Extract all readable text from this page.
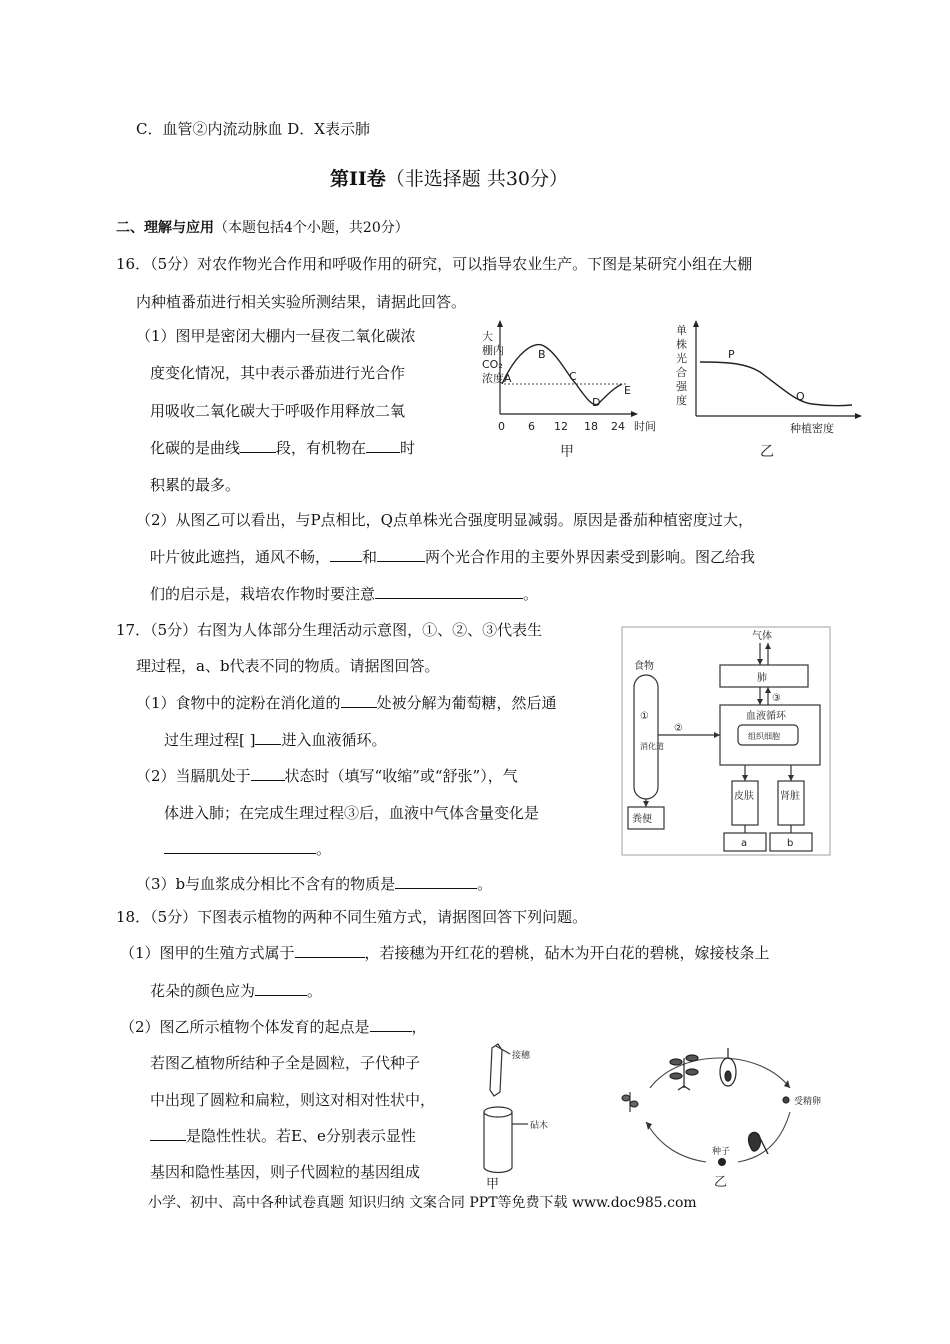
C．血管②内流动脉血 D．X表示肺
第II卷（非选择题 共30分）
二、理解与应用（本题包括4个小题，共20分）
16．（5分）对农作物光合作用和呼吸作用的研究，可以指导农业生产。下图是某研究小组在大棚
内种植番茄进行相关实验所测结果，请据此回答。
（1）图甲是密闭大棚内一昼夜二氧化碳浓
度变化情况，其中表示番茄进行光合作
用吸收二氧化碳大于呼吸作用释放二氧
化碳的是曲线 段，有机物在 时
积累的最多。
大
棚内
CO₂
浓度 A
B
C
D
E
0 6 12 18 24 时间
甲
单
株
光
合
强
度
P
Q
种植密度
乙
（2）从图乙可以看出，与P点相比，Q点单株光合强度明显减弱。原因是番茄种植密度过大，
叶片彼此遮挡，通风不畅， 和	两个光合作用的主要外界因素受到影响。图乙给我
们的启示是，栽培农作物时要注意	。
17．（5分）右图为人体部分生理活动示意图，①、②、③代表生
理过程，a、b代表不同的物质。请据图回答。
（1）食物中的淀粉在消化道的 处被分解为葡萄糖，然后通
过生理过程[ ] 进入血液循环。
（2）当膈肌处于 状态时（填写“收缩”或“舒张”），气
体进入肺；在完成生理过程③后，血液中气体含量变化是
。
（3）b与血浆成分相比不含有的物质是	。
气体
肺
③
食物
血液循环
组织细胞
①
②
消化道
粪便
皮肤	肾脏
a	b
18．（5分）下图表示植物的两种不同生殖方式，请据图回答下列问题。
（1）图甲的生殖方式属于	，若接穗为开红花的碧桃，砧木为开白花的碧桃，嫁接枝条上
花朵的颜色应为	。
（2）图乙所示植物个体发育的起点是	，
若图乙植物所结种子全是圆粒，子代种子
中出现了圆粒和扁粒，则这对相对性状中，
是隐性性状。若E、e分别表示显性
基因和隐性基因，则子代圆粒的基因组成
接穗
砧木
甲
受精卵
种子
乙
小学、初中、高中各种试卷真题 知识归纳 文案合同 PPT等免费下载 www.doc985.com
